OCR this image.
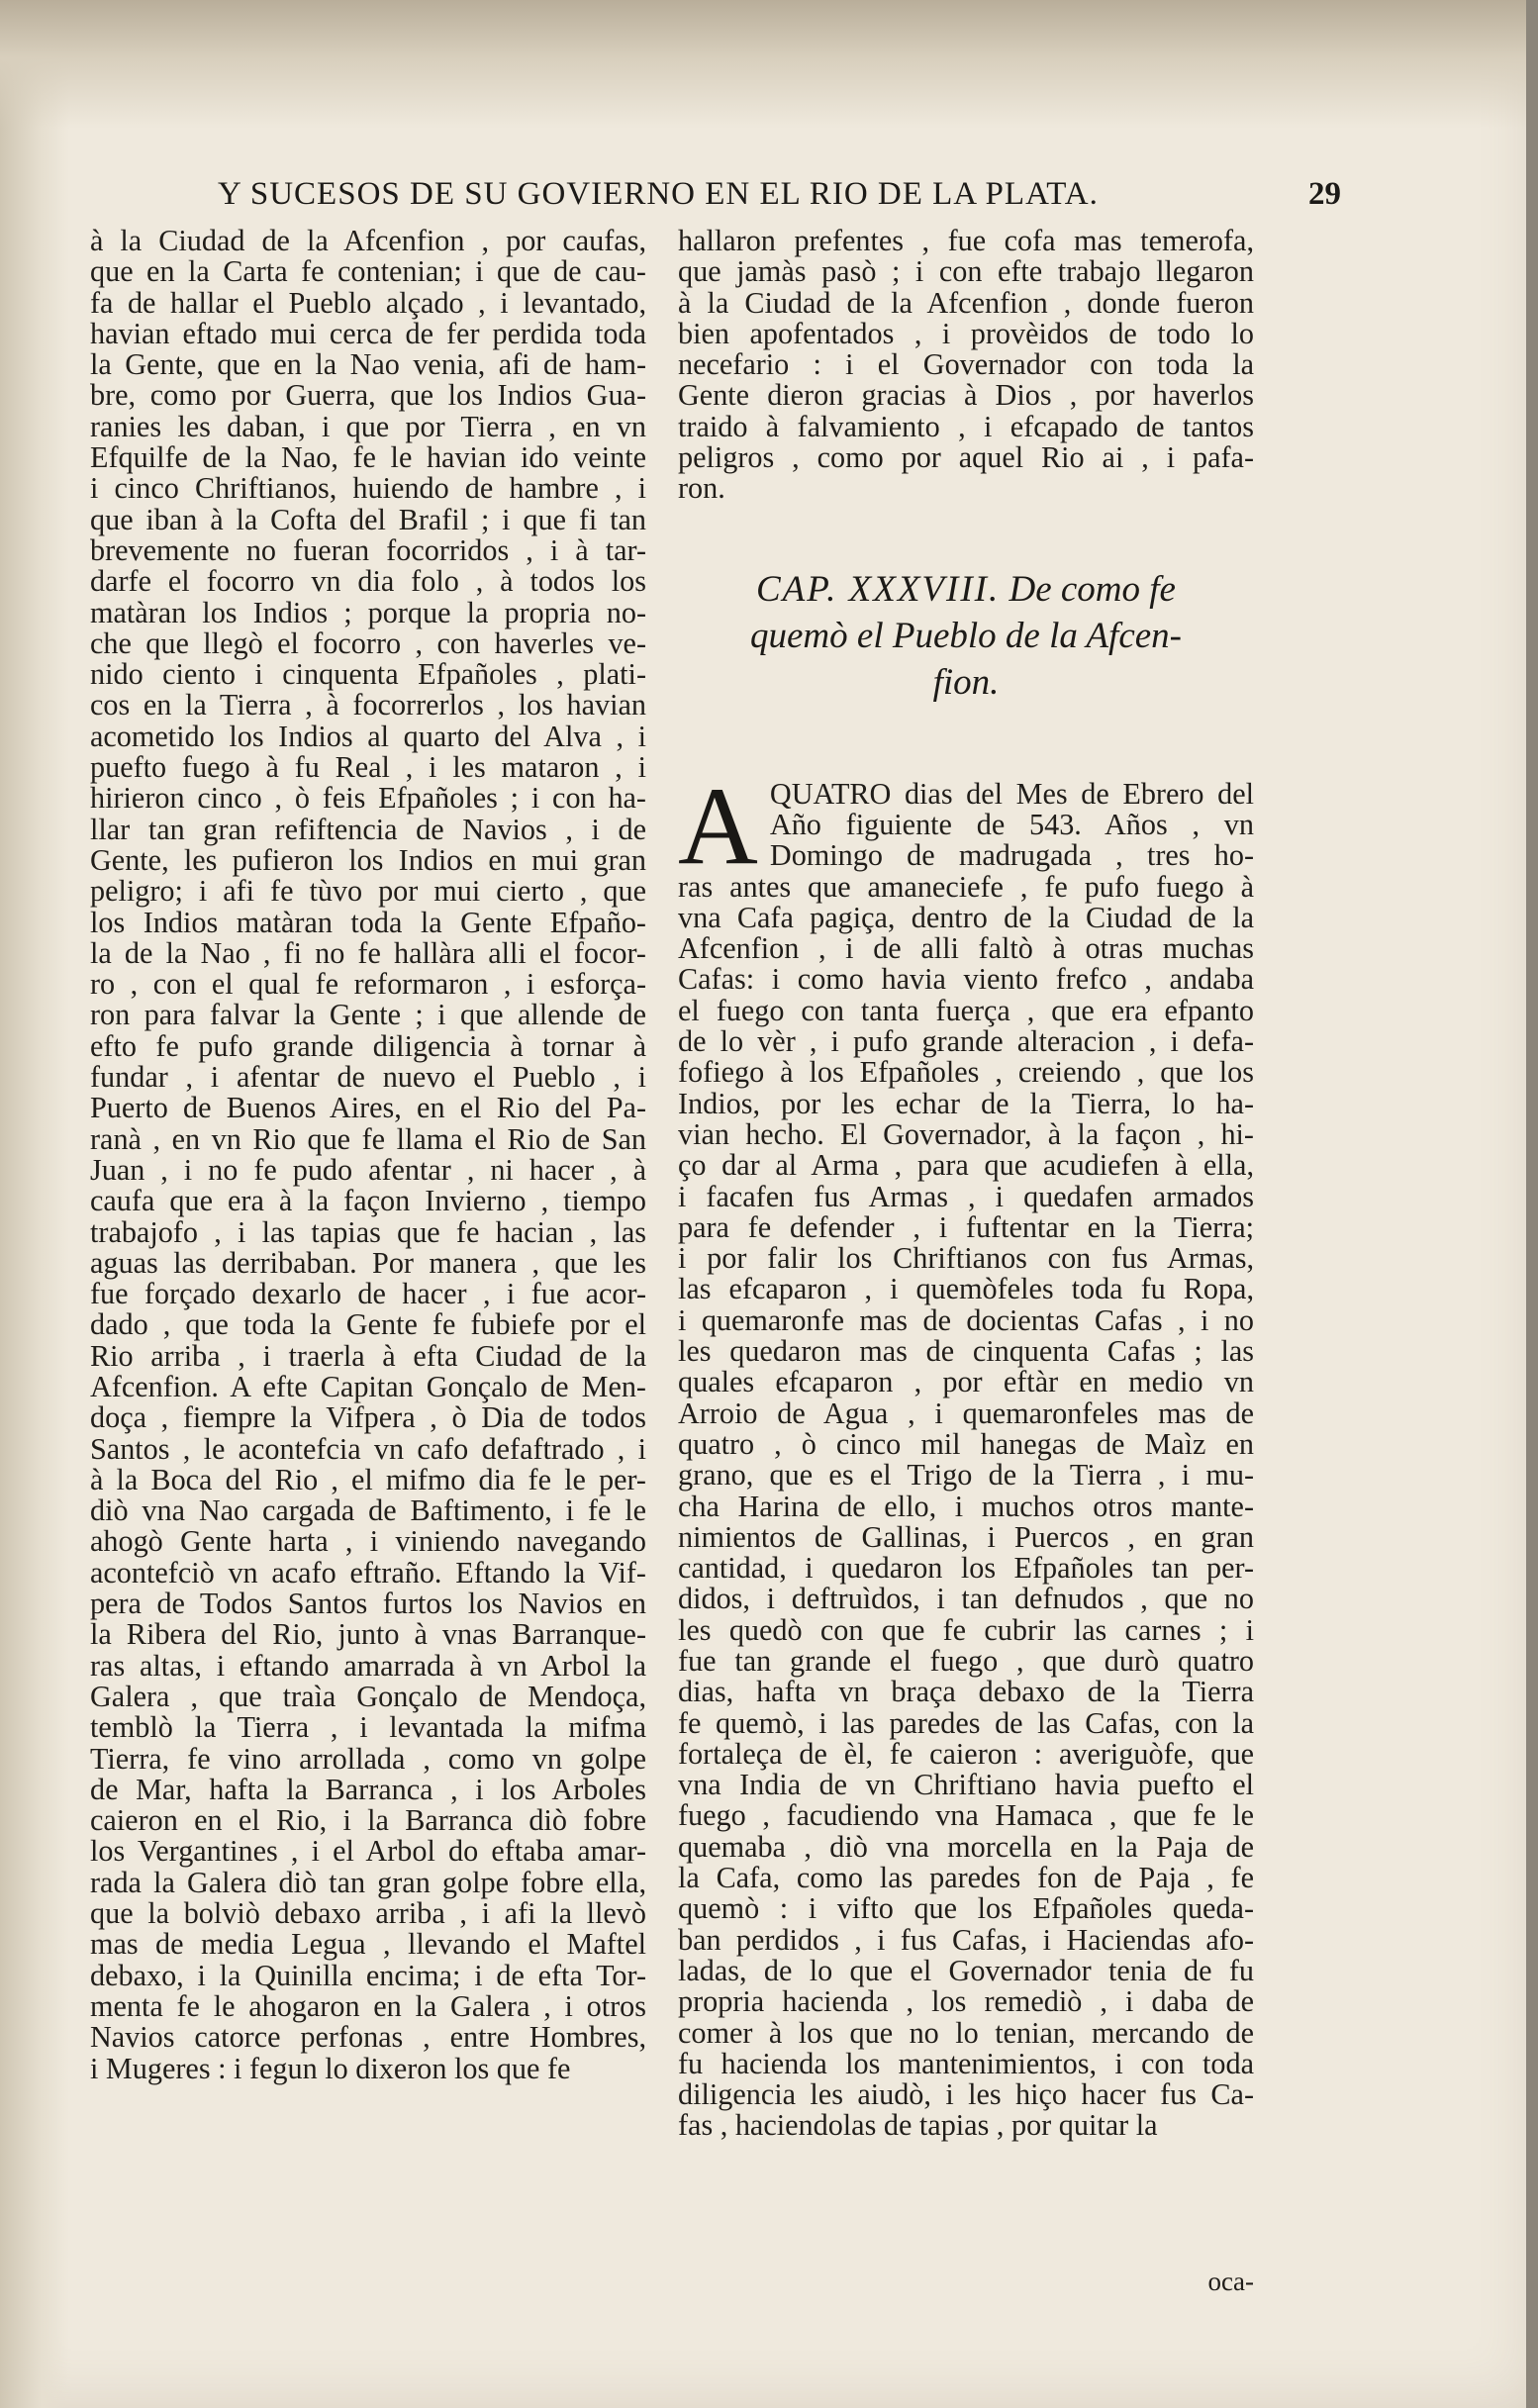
Y SUCESOS DE SU GOVIERNO EN EL RIO DE LA PLATA.	29

à la Ciudad de la Afcenfion , por caufas,

que en la Carta fe contenian; i que de cau-

fa de hallar el Pueblo alçado , i levantado,

havian eftado mui cerca de fer perdida toda

la Gente, que en la Nao venia, afi de ham-

bre, como por Guerra, que los Indios Gua-

ranies les daban, i que por Tierra , en vn

Efquilfe de la Nao, fe le havian ido veinte

i cinco Chriftianos, huiendo de hambre , i

que iban à la Cofta del Brafil ; i que fi tan

brevemente no fueran focorridos , i à tar-

darfe el focorro vn dia folo , à todos los

matàran los Indios ; porque la propria no-

che que llegò el focorro , con haverles ve-

nido ciento i cinquenta Efpañoles , plati-

cos en la Tierra , à focorrerlos , los havian

acometido los Indios al quarto del Alva , i

puefto fuego à fu Real , i les mataron , i

hirieron cinco , ò feis Efpañoles ; i con ha-

llar tan gran refiftencia de Navios , i de

Gente, les pufieron los Indios en mui gran

peligro; i afi fe tùvo por mui cierto , que

los Indios matàran toda la Gente Efpaño-

la de la Nao , fi no fe hallàra alli el focor-

ro , con el qual fe reformaron , i esforça-

ron para falvar la Gente ; i que allende de

efto fe pufo grande diligencia à tornar à

fundar , i afentar de nuevo el Pueblo , i

Puerto de Buenos Aires, en el Rio del Pa-

ranà , en vn Rio que fe llama el Rio de San

Juan , i no fe pudo afentar , ni hacer , à

caufa que era à la façon Invierno , tiempo

trabajofo , i las tapias que fe hacian , las

aguas las derribaban. Por manera , que les

fue forçado dexarlo de hacer , i fue acor-

dado , que toda la Gente fe fubiefe por el

Rio arriba , i traerla à efta Ciudad de la

Afcenfion. A efte Capitan Gonçalo de Men-

doça , fiempre la Vifpera , ò Dia de todos

Santos , le acontefcia vn cafo defaftrado , i

à la Boca del Rio , el mifmo dia fe le per-

diò vna Nao cargada de Baftimento, i fe le

ahogò Gente harta , i viniendo navegando

acontefciò vn acafo eftraño. Eftando la Vif-

pera de Todos Santos furtos los Navios en

la Ribera del Rio, junto à vnas Barranque-

ras altas, i eftando amarrada à vn Arbol la

Galera , que traìa Gonçalo de Mendoça,

temblò la Tierra , i levantada la mifma

Tierra, fe vino arrollada , como vn golpe

de Mar, hafta la Barranca , i los Arboles

caieron en el Rio, i la Barranca diò fobre

los Vergantines , i el Arbol do eftaba amar-

rada la Galera diò tan gran golpe fobre ella,

que la bolviò debaxo arriba , i afi la llevò

mas de media Legua , llevando el Maftel

debaxo, i la Quinilla encima; i de efta Tor-

menta fe le ahogaron en la Galera , i otros

Navios catorce perfonas , entre Hombres,

i Mugeres : i fegun lo dixeron los que fe

hallaron prefentes , fue cofa mas temerofa,

que jamàs pasò ; i con efte trabajo llegaron

à la Ciudad de la Afcenfion , donde fueron

bien apofentados , i provèidos de todo lo

necefario : i el Governador con toda la

Gente dieron gracias à Dios , por haverlos

traido à falvamiento , i efcapado de tantos

peligros , como por aquel Rio ai , i pafa-

ron.

CAP. XXXVIII. De como fe
quemò el Pueblo de la Afcen-
fion.
A QUATRO dias del Mes de Ebrero del

Año figuiente de 543. Años , vn

Domingo de madrugada , tres ho-

ras antes que amaneciefe , fe pufo fuego à

vna Cafa pagiça, dentro de la Ciudad de la

Afcenfion , i de alli faltò à otras muchas

Cafas: i como havia viento frefco , andaba

el fuego con tanta fuerça , que era efpanto

de lo vèr , i pufo grande alteracion , i defa-

fofiego à los Efpañoles , creiendo , que los

Indios, por les echar de la Tierra, lo ha-

vian hecho. El Governador, à la façon , hi-

ço dar al Arma , para que acudiefen à ella,

i facafen fus Armas , i quedafen armados

para fe defender , i fuftentar en la Tierra;

i por falir los Chriftianos con fus Armas,

las efcaparon , i quemòfeles toda fu Ropa,

i quemaronfe mas de docientas Cafas , i no

les quedaron mas de cinquenta Cafas ; las

quales efcaparon , por eftàr en medio vn

Arroio de Agua , i quemaronfeles mas de

quatro , ò cinco mil hanegas de Maìz en

grano, que es el Trigo de la Tierra , i mu-

cha Harina de ello, i muchos otros mante-

nimientos de Gallinas, i Puercos , en gran

cantidad, i quedaron los Efpañoles tan per-

didos, i deftruìdos, i tan defnudos , que no

les quedò con que fe cubrir las carnes ; i

fue tan grande el fuego , que durò quatro

dias, hafta vn braça debaxo de la Tierra

fe quemò, i las paredes de las Cafas, con la

fortaleça de èl, fe caieron : averiguòfe, que

vna India de vn Chriftiano havia puefto el

fuego , facudiendo vna Hamaca , que fe le

quemaba , diò vna morcella en la Paja de

la Cafa, como las paredes fon de Paja , fe

quemò : i vifto que los Efpañoles queda-

ban perdidos , i fus Cafas, i Haciendas afo-

ladas, de lo que el Governador tenia de fu

propria hacienda , los remediò , i daba de

comer à los que no lo tenian, mercando de

fu hacienda los mantenimientos, i con toda

diligencia les aiudò, i les hiço hacer fus Ca-

fas , haciendolas de tapias , por quitar la

oca-
